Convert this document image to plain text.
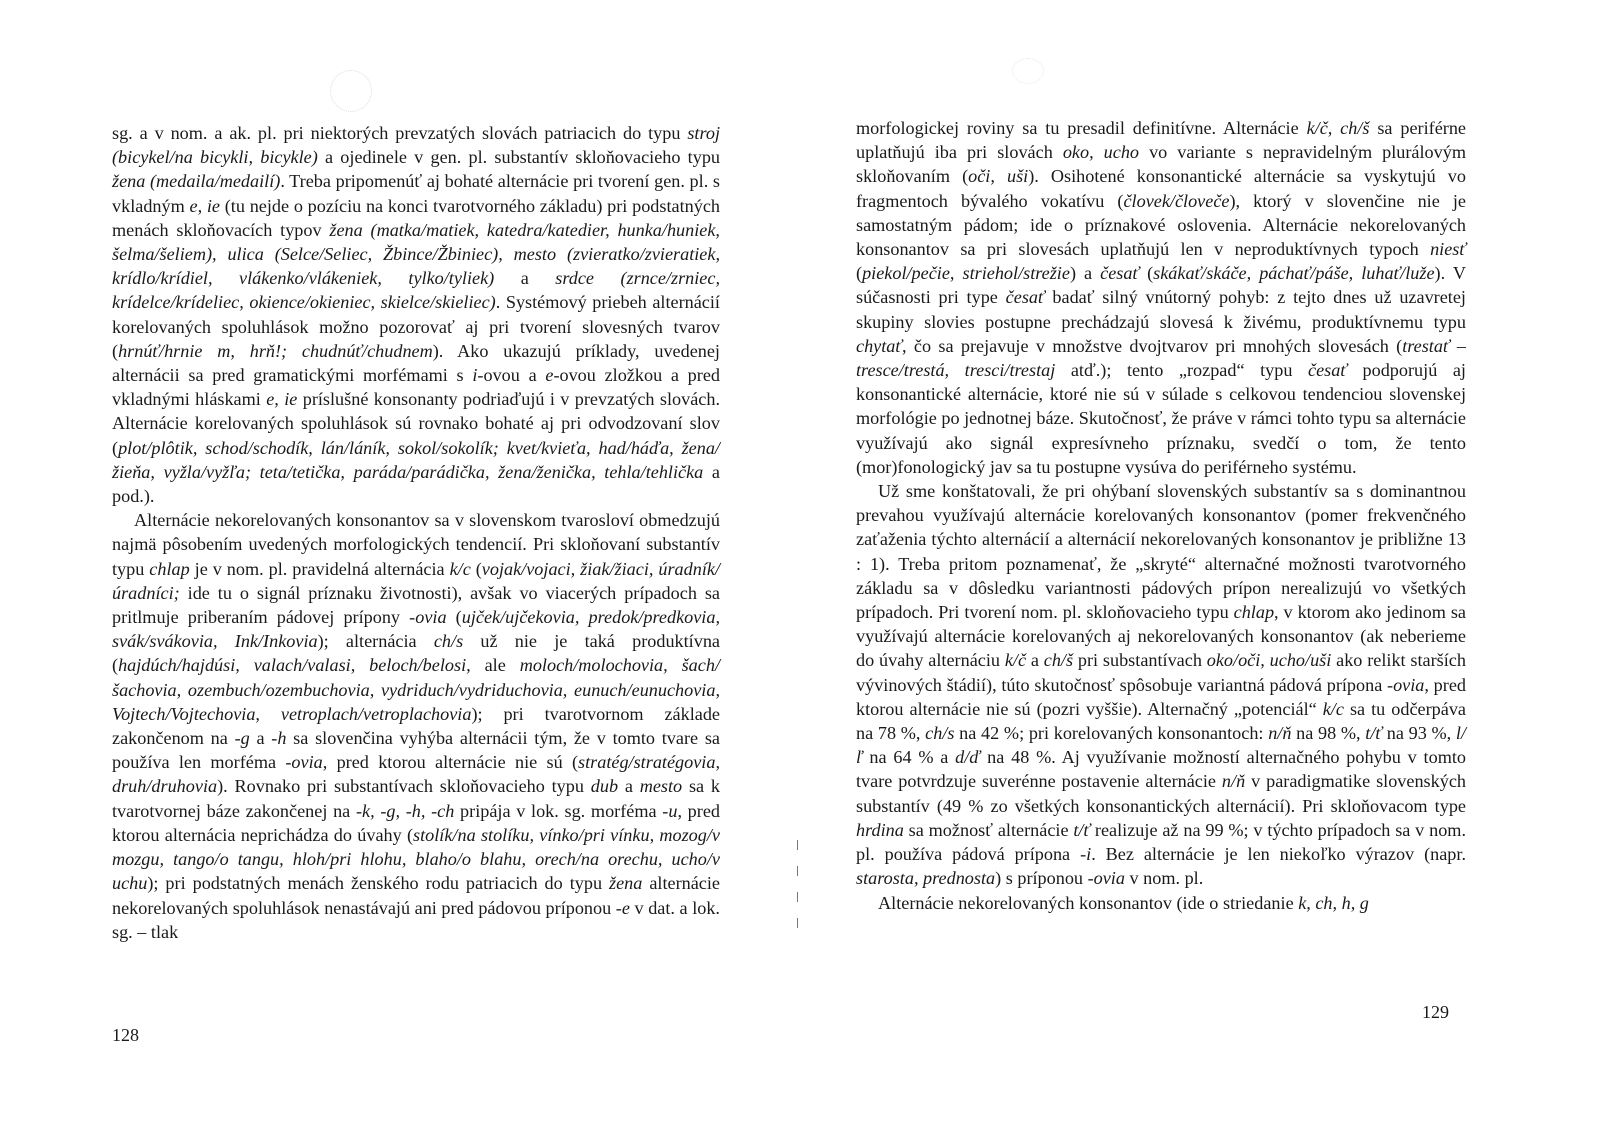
sg. a v nom. a ak. pl. pri niektorých prevzatých slovách patriacich do typu stroj (bicykel/na bicykli, bicykle) a ojedinele v gen. pl. substantív skloňovacieho typu žena (medaila/medailí). Treba pripomenúť aj bohaté alternácie pri tvorení gen. pl. s vkladným e, ie (tu nejde o pozíciu na konci tvarotvorného základu) pri podstatných menách skloňovacích typov žena (matka/matiek, katedra/katedier, hunka/huniek, šelma/šeliem), ulica (Selce/Seliec, Žbince/Žbiniec), mesto (zvieratko/zvieratiek, krídlo/krídiel, vlákenko/vlákeniek, tylko/tyliek) a srdce (zrnce/zrniec, krídelce/krídeliec, okience/okieniec, skielce/skieliec). Systémový priebeh alternácií korelovaných spoluhlások možno pozorovať aj pri tvorení slovesných tvarov (hrnúť/hrnie m, hrň!; chudnúť/chudnem). Ako ukazujú príklady, uvedenej alternácii sa pred gramatickými morfémami s i-ovou a e-ovou zložkou a pred vkladnými hláskami e, ie príslušné konsonanty podriaďujú i v prevzatých slovách. Alternácie korelovaných spoluhlások sú rovnako bohaté aj pri odvodzovaní slov (plot/plôtik, schod/schodík, lán/láník, sokol/sokolík; kvet/kvieťa, had/háďa, žena/žieňa, vyžla/vyžľa; teta/tetička, paráda/parádička, žena/ženička, tehla/tehlička a pod.).

Alternácie nekorelovaných konsonantov sa v slovenskom tvarosloví obmedzujú najmä pôsobením uvedených morfologických tendencií. Pri skloňovaní substantív typu chlap je v nom. pl. pravidelná alternácia k/c (vojak/vojaci, žiak/žiaci, úradník/úradníci; ide tu o signál príznaku životnosti), avšak vo viacerých prípadoch sa pritlmuje priberaním pádovej prípony -ovia (ujček/ujčekovia, predok/predkovia, svák/svákovia, Ink/Inkovia); alternácia ch/s už nie je taká produktívna (hajdúch/hajdúsi, valach/valasi, beloch/belosi, ale moloch/molochovia, šach/šachovia, ozembuch/ozembuchovia, vydriduch/vydriduchovia, eunuch/eunuchovia, Vojtech/Vojtechovia, vetroplach/vetroplachovia); pri tvarotvornom základe zakončenom na -g a -h sa slovenčina vyhýba alternácii tým, že v tomto tvare sa používa len morféma -ovia, pred ktorou alternácie nie sú (stratég/stratégovia, druh/druhovia). Rovnako pri substantívach skloňovacieho typu dub a mesto sa k tvarotvornej báze zakončenej na -k, -g, -h, -ch pripája v lok. sg. morféma -u, pred ktorou alternácia neprichádza do úvahy (stolík/na stolíku, vínko/pri vínku, mozog/v mozgu, tango/o tangu, hloh/pri hlohu, blaho/o blahu, orech/na orechu, ucho/v uchu); pri podstatných menách ženského rodu patriacich do typu žena alternácie nekorelovaných spoluhlások nenastávajú ani pred pádovou príponou -e v dat. a lok. sg. – tlak

128

morfologickej roviny sa tu presadil definitívne. Alternácie k/č, ch/š sa periférne uplatňujú iba pri slovách oko, ucho vo variante s nepravidelným plurálovým skloňovaním (oči, uši). Osihotené konsonantické alternácie sa vyskytujú vo fragmentoch bývalého vokatívu (človek/človeče), ktorý v slovenčine nie je samostatným pádom; ide o príznakové oslovenia. Alternácie nekorelovaných konsonantov sa pri slovesách uplatňujú len v neproduktívnych typoch niesť (piekol/pečie, striehol/strežie) a česať (skákať/skáče, páchať/páše, luhať/luže). V súčasnosti pri type česať badať silný vnútorný pohyb: z tejto dnes už uzavretej skupiny slovies postupne prechádzajú slovesá k živému, produktívnemu typu chytať, čo sa prejavuje v množstve dvojtvarov pri mnohých slovesách (trestať – tresce/trestá, tresci/trestaj atď.); tento „rozpad“ typu česať podporujú aj konsonantické alternácie, ktoré nie sú v súlade s celkovou tendenciou slovenskej morfológie po jednotnej báze. Skutočnosť, že práve v rámci tohto typu sa alternácie využívajú ako signál expresívneho príznaku, svedčí o tom, že tento (mor)fonologický jav sa tu postupne vysúva do periférneho systému.

Už sme konštatovali, že pri ohýbaní slovenských substantív sa s dominantnou prevahou využívajú alternácie korelovaných konsonantov (pomer frekvenčného zaťaženia týchto alternácií a alternácií nekorelovaných konsonantov je približne 13 : 1). Treba pritom poznamenať, že „skryté“ alternačné možnosti tvarotvorného základu sa v dôsledku variantnosti pádových prípon nerealizujú vo všetkých prípadoch. Pri tvorení nom. pl. skloňovacieho typu chlap, v ktorom ako jedinom sa využívajú alternácie korelovaných aj nekorelovaných konsonantov (ak neberieme do úvahy alternáciu k/č a ch/š pri substantívach oko/oči, ucho/uši ako relikt starších vývinových štádií), túto skutočnosť spôsobuje variantná pádová prípona -ovia, pred ktorou alternácie nie sú (pozri vyššie). Alternačný „potenciál“ k/c sa tu odčerpáva na 78 %, ch/s na 42 %; pri korelovaných konsonantoch: n/ň na 98 %, t/ť na 93 %, l/ľ na 64 % a d/ď na 48 %. Aj využívanie možností alternačného pohybu v tomto tvare potvrdzuje suverénne postavenie alternácie n/ň v paradigmatike slovenských substantív (49 % zo všetkých konsonantických alternácií). Pri skloňovacom type hrdina sa možnosť alternácie t/ť realizuje až na 99 %; v týchto prípadoch sa v nom. pl. používa pádová prípona -i. Bez alternácie je len niekoľko výrazov (napr. starosta, prednosta) s príponou -ovia v nom. pl.

Alternácie nekorelovaných konsonantov (ide o striedanie k, ch, h, g

129
